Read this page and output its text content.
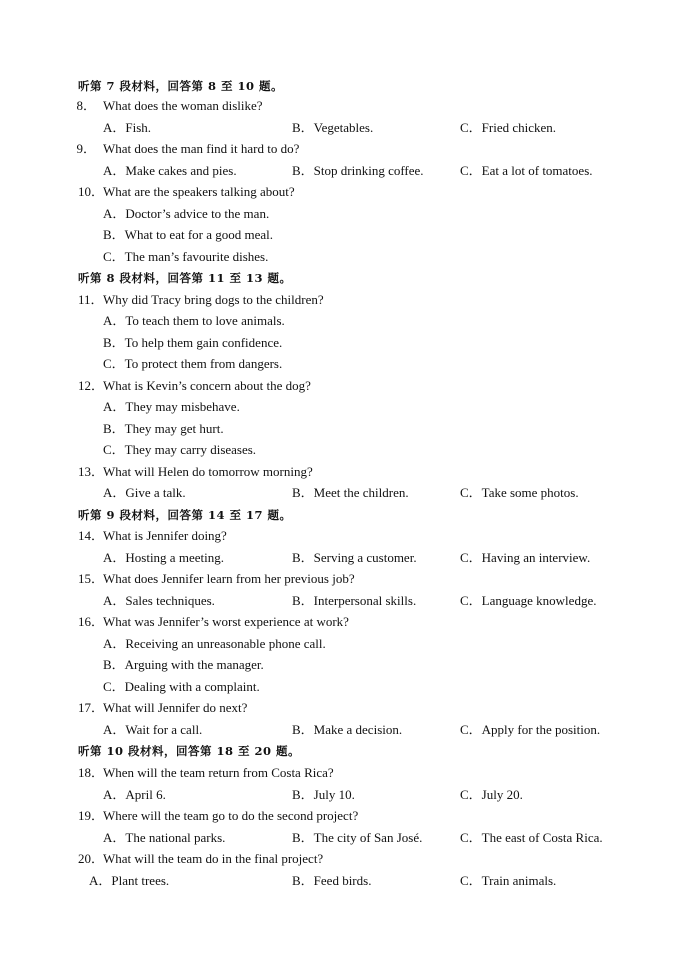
听第 7 段材料，回答第 8 至 10 题。
8． What does the woman dislike?
A．Fish.	B．Vegetables.	C．Fried chicken.
9． What does the man find it hard to do?
A．Make cakes and pies.	B．Stop drinking coffee.	C．Eat a lot of tomatoes.
10．
What are the speakers talking about?
A．Doctor’s advice to the man.
B．What to eat for a good meal.
C．The man’s favourite dishes.
听第 8 段材料，回答第 11 至 13 题。
11． Why did Tracy bring dogs to the children?
A．To teach them to love animals.
B．To help them gain confidence.
C．To protect them from dangers.
12．
What is Kevin’s concern about the dog?
A．They may misbehave.
B．They may get hurt.
C．They may carry diseases.
13．
What will Helen do tomorrow morning?
A．Give a talk.	B．Meet the children.	C．Take some photos.
听第 9 段材料，回答第 14 至 17 题。
14．
What is Jennifer doing?
A．Hosting a meeting.	B．Serving a customer.	C．Having an interview.
15．
What does Jennifer learn from her previous job?
A．Sales techniques.	B．Interpersonal skills.	C．Language knowledge.
16．
What was Jennifer’s worst experience at work?
A．Receiving an unreasonable phone call.
B．Arguing with the manager.
C．Dealing with a complaint.
17．
What will Jennifer do next?
A．Wait for a call.	B．Make a decision.	C．Apply for the position.
听第 10 段材料，回答第 18 至 20 题。
18．
When will the team return from Costa Rica?
A．April 6.	B．July 10.	C．July 20.
19．
Where will the team go to do the second project?
A．The national parks.	B．The city of San José.	C．The east of Costa Rica.
20．
What will the team do in the final project?
A．Plant trees.	B．Feed birds.	C．Train animals.
